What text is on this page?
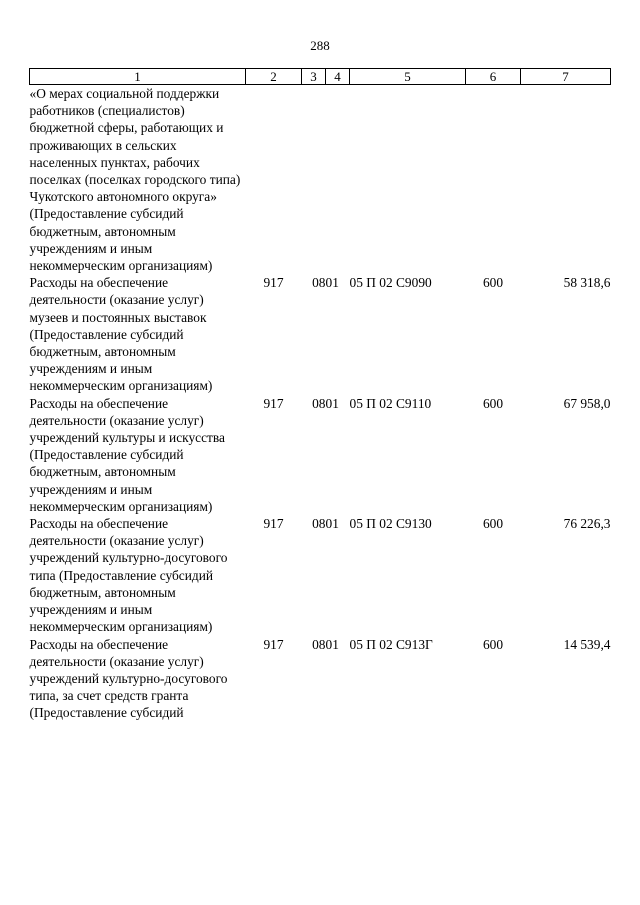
288
1	2	3	4	5	6	7
«О мерах социальной поддержки работников (специалистов) бюджетной сферы, работающих и проживающих в сельских населенных пунктах, рабочих поселках (поселках городского типа) Чукотского автономного округа» (Предоставление субсидий бюджетным, автономным учреждениям и иным некоммерческим организациям)						
Расходы на обеспечение деятельности (оказание услуг) музеев и постоянных выставок (Предоставление субсидий бюджетным, автономным учреждениям и иным некоммерческим организациям)	917	08	01	05 П 02 С9090	600	58 318,6
Расходы на обеспечение деятельности (оказание услуг) учреждений культуры и искусства (Предоставление субсидий бюджетным, автономным учреждениям и иным некоммерческим организациям)	917	08	01	05 П 02 С9110	600	67 958,0
Расходы на обеспечение деятельности (оказание услуг) учреждений культурно-досугового типа (Предоставление субсидий бюджетным, автономным учреждениям и иным некоммерческим организациям)	917	08	01	05 П 02 С9130	600	76 226,3
Расходы на обеспечение деятельности (оказание услуг) учреждений культурно-досугового типа, за счет средств гранта (Предоставление субсидий	917	08	01	05 П 02 С913Г	600	14 539,4
